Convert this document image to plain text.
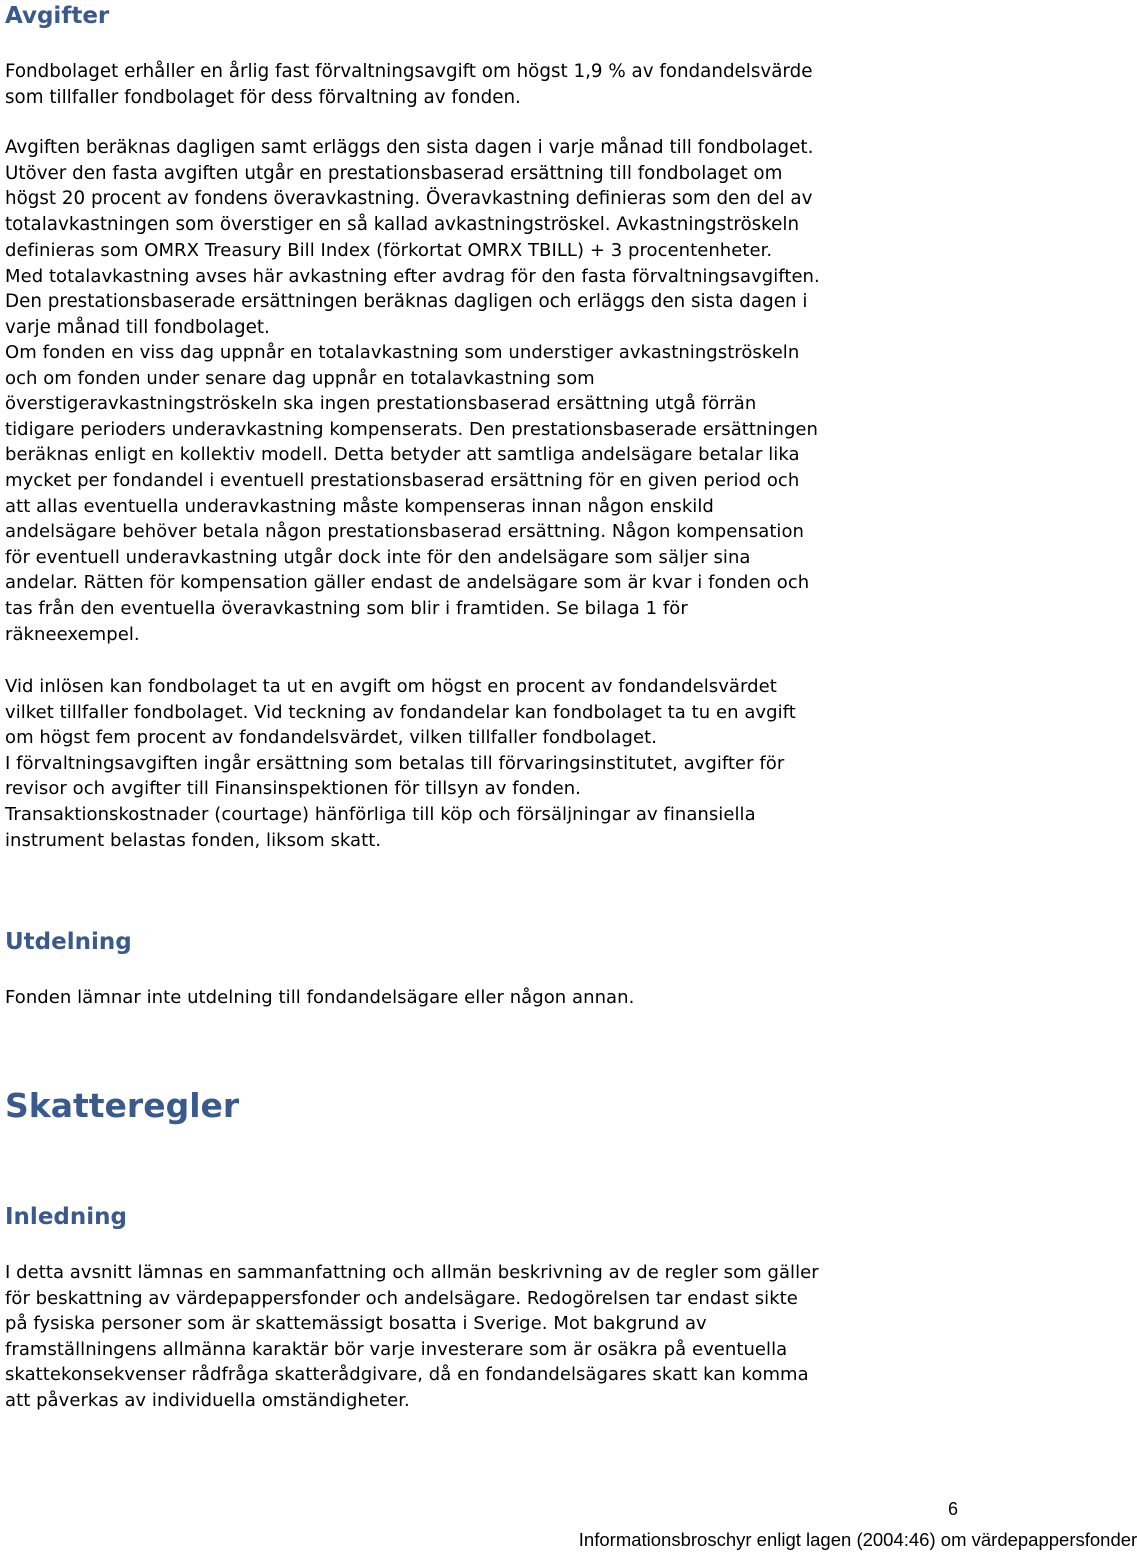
Avgifter
Fondbolaget erhåller en årlig fast förvaltningsavgift om högst 1,9 % av fondandelsvärde
som tillfaller fondbolaget för dess förvaltning av fonden.
Avgiften beräknas dagligen samt erläggs den sista dagen i varje månad till fondbolaget.
Utöver den fasta avgiften utgår en prestationsbaserad ersättning till fondbolaget om
högst 20 procent av fondens överavkastning. Överavkastning definieras som den del av
totalavkastningen som överstiger en så kallad avkastningströskel. Avkastningströskeln
definieras som OMRX Treasury Bill Index (förkortat OMRX TBILL) + 3 procentenheter.
Med totalavkastning avses här avkastning efter avdrag för den fasta förvaltningsavgiften.
Den prestationsbaserade ersättningen beräknas dagligen och erläggs den sista dagen i
varje månad till fondbolaget.
Om fonden en viss dag uppnår en totalavkastning som understiger avkastningströskeln
och om fonden under senare dag uppnår en totalavkastning som
överstigeravkastningströskeln ska ingen prestationsbaserad ersättning utgå förrän
tidigare perioders underavkastning kompenserats. Den prestationsbaserade ersättningen
beräknas enligt en kollektiv modell. Detta betyder att samtliga andelsägare betalar lika
mycket per fondandel i eventuell prestationsbaserad ersättning för en given period och
att allas eventuella underavkastning måste kompenseras innan någon enskild
andelsägare behöver betala någon prestationsbaserad ersättning. Någon kompensation
för eventuell underavkastning utgår dock inte för den andelsägare som säljer sina
andelar. Rätten för kompensation gäller endast de andelsägare som är kvar i fonden och
tas från den eventuella överavkastning som blir i framtiden. Se bilaga 1 för
räkneexempel.
Vid inlösen kan fondbolaget ta ut en avgift om högst en procent av fondandelsvärdet
vilket tillfaller fondbolaget. Vid teckning av fondandelar kan fondbolaget ta tu en avgift
om högst fem procent av fondandelsvärdet, vilken tillfaller fondbolaget.
I förvaltningsavgiften ingår ersättning som betalas till förvaringsinstitutet, avgifter för
revisor och avgifter till Finansinspektionen för tillsyn av fonden.
Transaktionskostnader (courtage) hänförliga till köp och försäljningar av finansiella
instrument belastas fonden, liksom skatt.
Utdelning
Fonden lämnar inte utdelning till fondandelsägare eller någon annan.
Skatteregler
Inledning
I detta avsnitt lämnas en sammanfattning och allmän beskrivning av de regler som gäller
för beskattning av värdepappersfonder och andelsägare. Redogörelsen tar endast sikte
på fysiska personer som är skattemässigt bosatta i Sverige. Mot bakgrund av
framställningens allmänna karaktär bör varje investerare som är osäkra på eventuella
skattekonsekvenser rådfråga skatterådgivare, då en fondandelsägares skatt kan komma
att påverkas av individuella omständigheter.
6
Informationsbroschyr enligt lagen (2004:46) om värdepappersfonder
